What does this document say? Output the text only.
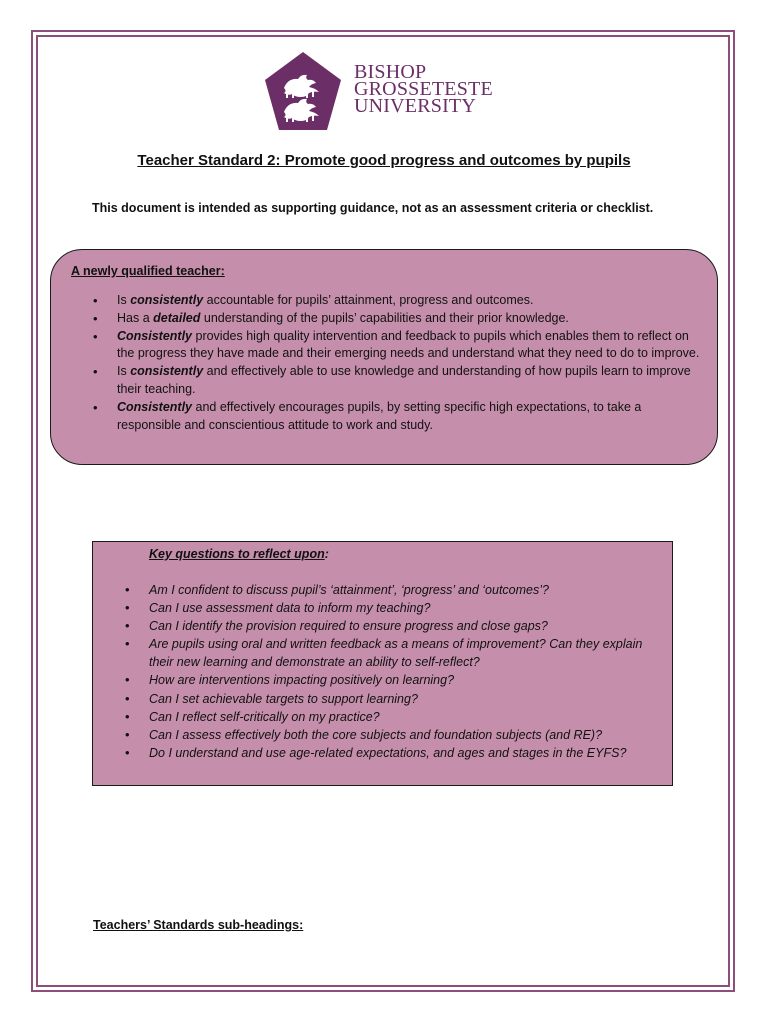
BISHOP
GROSSETESTE
UNIVERSITY
Teacher Standard 2: Promote good progress and outcomes by pupils
This document is intended as supporting guidance, not as an assessment criteria or checklist.
A newly qualified teacher:
• Is consistently accountable for pupils’ attainment, progress and outcomes.
• Has a detailed understanding of the pupils’ capabilities and their prior knowledge.
• Consistently provides high quality intervention and feedback to pupils which enables them to reflect on the progress they have made and their emerging needs and understand what they need to do to improve.
• Is consistently and effectively able to use knowledge and understanding of how pupils learn to improve their teaching.
• Consistently and effectively encourages pupils, by setting specific high expectations, to take a responsible and conscientious attitude to work and study.
Key questions to reflect upon:
• Am I confident to discuss pupil’s ‘attainment’, ‘progress’ and ‘outcomes’?
• Can I use assessment data to inform my teaching?
• Can I identify the provision required to ensure progress and close gaps?
• Are pupils using oral and written feedback as a means of improvement? Can they explain their new learning and demonstrate an ability to self-reflect?
• How are interventions impacting positively on learning?
• Can I set achievable targets to support learning?
• Can I reflect self-critically on my practice?
• Can I assess effectively both the core subjects and foundation subjects (and RE)?
• Do I understand and use age-related expectations, and ages and stages in the EYFS?
Teachers’ Standards sub-headings:
